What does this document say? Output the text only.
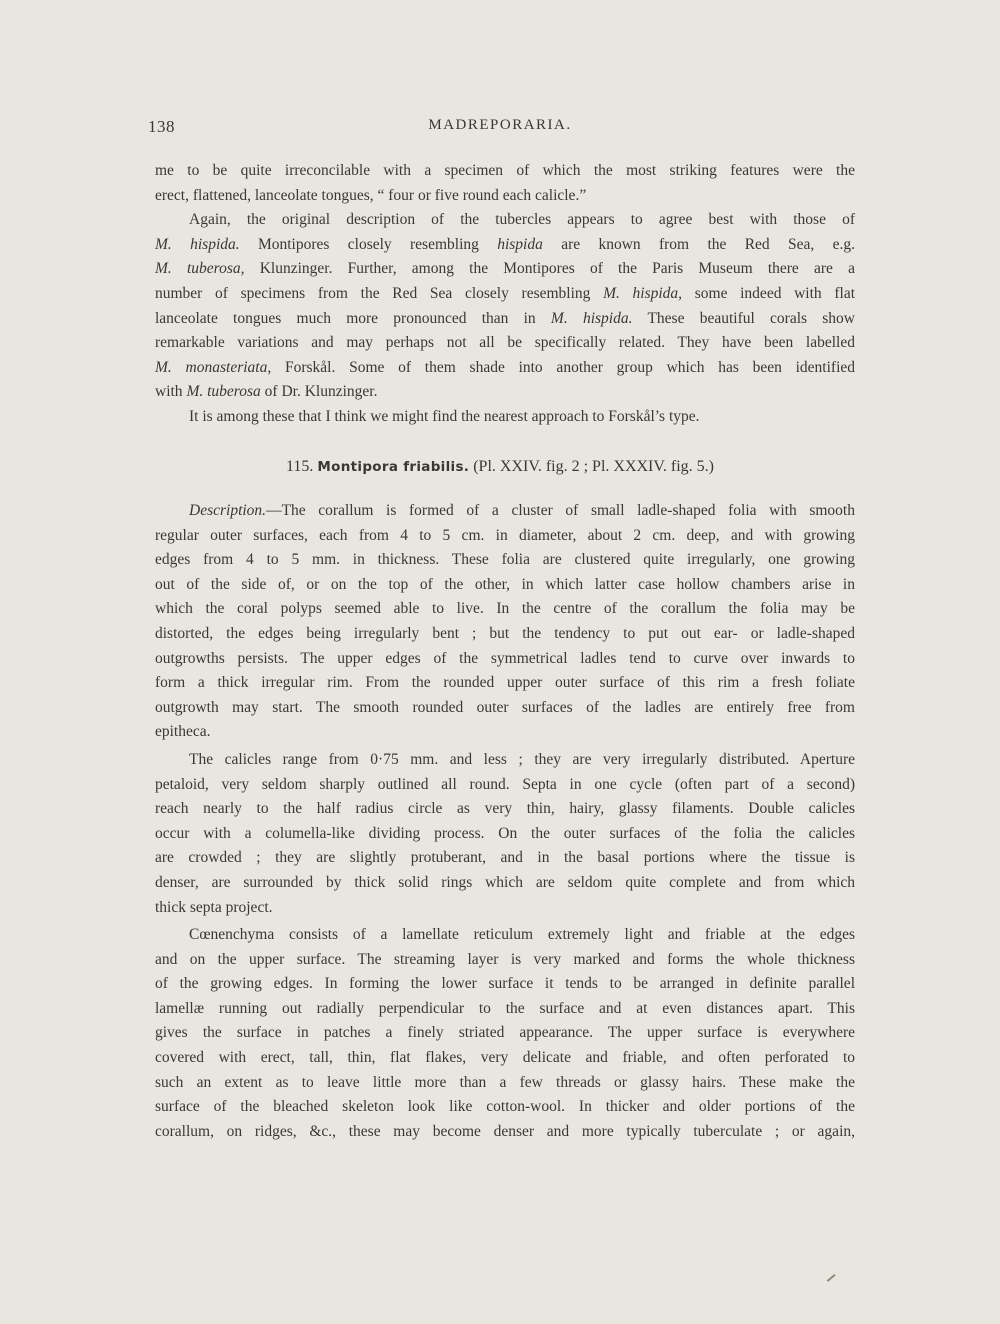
138	MADREPORARIA.
me to be quite irreconcilable with a specimen of which the most striking features were the
erect, flattened, lanceolate tongues, “ four or five round each calicle.”
Again, the original description of the tubercles appears to agree best with those of
M. hispida. Montipores closely resembling hispida are known from the Red Sea, e.g.
M. tuberosa, Klunzinger. Further, among the Montipores of the Paris Museum there are a
number of specimens from the Red Sea closely resembling M. hispida, some indeed with flat
lanceolate tongues much more pronounced than in M. hispida. These beautiful corals show
remarkable variations and may perhaps not all be specifically related. They have been labelled
M. monasteriata, Forskål. Some of them shade into another group which has been identified
with M. tuberosa of Dr. Klunzinger.
It is among these that I think we might find the nearest approach to Forskål’s type.
115. Montipora friabilis. (Pl. XXIV. fig. 2 ; Pl. XXXIV. fig. 5.)
Description.—The corallum is formed of a cluster of small ladle-shaped folia with smooth
regular outer surfaces, each from 4 to 5 cm. in diameter, about 2 cm. deep, and with growing
edges from 4 to 5 mm. in thickness. These folia are clustered quite irregularly, one growing
out of the side of, or on the top of the other, in which latter case hollow chambers arise in
which the coral polyps seemed able to live. In the centre of the corallum the folia may be
distorted, the edges being irregularly bent ; but the tendency to put out ear- or ladle-shaped
outgrowths persists. The upper edges of the symmetrical ladles tend to curve over inwards to
form a thick irregular rim. From the rounded upper outer surface of this rim a fresh foliate
outgrowth may start. The smooth rounded outer surfaces of the ladles are entirely free from
epitheca.
The calicles range from 0·75 mm. and less ; they are very irregularly distributed. Aperture
petaloid, very seldom sharply outlined all round. Septa in one cycle (often part of a second)
reach nearly to the half radius circle as very thin, hairy, glassy filaments. Double calicles
occur with a columella-like dividing process. On the outer surfaces of the folia the calicles
are crowded ; they are slightly protuberant, and in the basal portions where the tissue is
denser, are surrounded by thick solid rings which are seldom quite complete and from which
thick septa project.
Cœnenchyma consists of a lamellate reticulum extremely light and friable at the edges
and on the upper surface. The streaming layer is very marked and forms the whole thickness
of the growing edges. In forming the lower surface it tends to be arranged in definite parallel
lamellæ running out radially perpendicular to the surface and at even distances apart. This
gives the surface in patches a finely striated appearance. The upper surface is everywhere
covered with erect, tall, thin, flat flakes, very delicate and friable, and often perforated to
such an extent as to leave little more than a few threads or glassy hairs. These make the
surface of the bleached skeleton look like cotton-wool. In thicker and older portions of the
corallum, on ridges, &c., these may become denser and more typically tuberculate ; or again,
